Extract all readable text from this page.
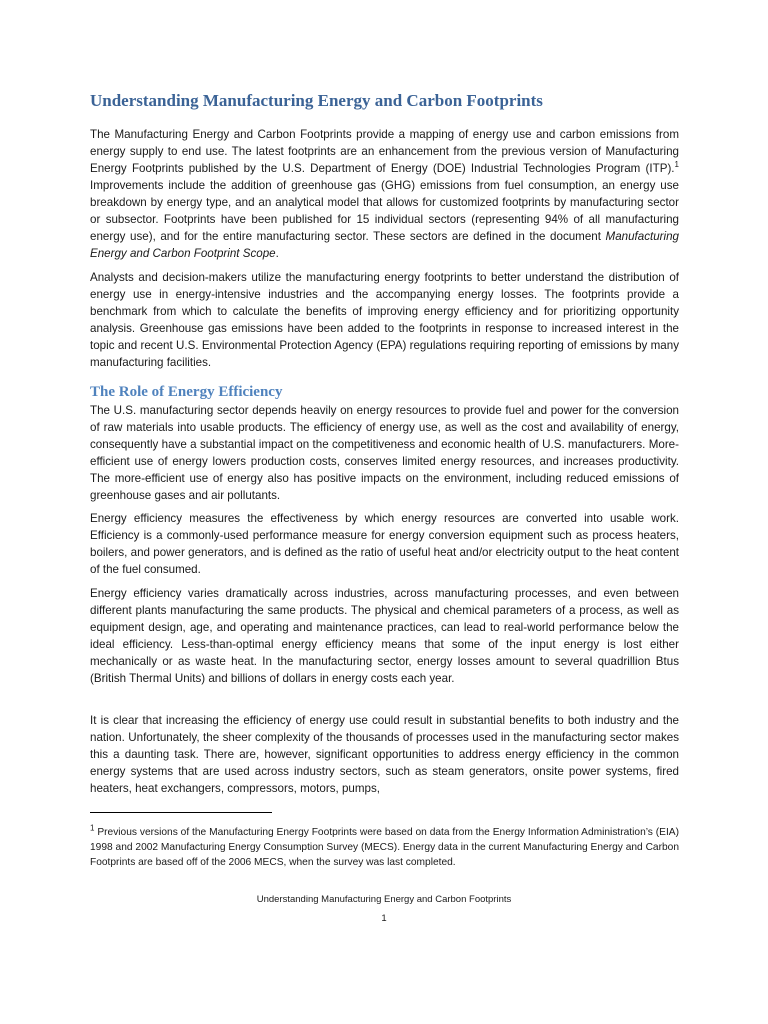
Understanding Manufacturing Energy and Carbon Footprints

The Manufacturing Energy and Carbon Footprints provide a mapping of energy use and carbon emissions from energy supply to end use. The latest footprints are an enhancement from the previous version of Manufacturing Energy Footprints published by the U.S. Department of Energy (DOE) Industrial Technologies Program (ITP).$^1$ Improvements include the addition of greenhouse gas (GHG) emissions from fuel consumption, an energy use breakdown by energy type, and an analytical model that allows for customized footprints by manufacturing sector or subsector. Footprints have been published for 15 individual sectors (representing 94% of all manufacturing energy use), and for the entire manufacturing sector. These sectors are defined in the document Manufacturing Energy and Carbon Footprint Scope.

Analysts and decision-makers utilize the manufacturing energy footprints to better understand the distribution of energy use in energy-intensive industries and the accompanying energy losses. The footprints provide a benchmark from which to calculate the benefits of improving energy efficiency and for prioritizing opportunity analysis. Greenhouse gas emissions have been added to the footprints in response to increased interest in the topic and recent U.S. Environmental Protection Agency (EPA) regulations requiring reporting of emissions by many manufacturing facilities.

The Role of Energy Efficiency

The U.S. manufacturing sector depends heavily on energy resources to provide fuel and power for the conversion of raw materials into usable products. The efficiency of energy use, as well as the cost and availability of energy, consequently have a substantial impact on the competitiveness and economic health of U.S. manufacturers. More-efficient use of energy lowers production costs, conserves limited energy resources, and increases productivity. The more-efficient use of energy also has positive impacts on the environment, including reduced emissions of greenhouse gases and air pollutants.

Energy efficiency measures the effectiveness by which energy resources are converted into usable work. Efficiency is a commonly-used performance measure for energy conversion equipment such as process heaters, boilers, and power generators, and is defined as the ratio of useful heat and/or electricity output to the heat content of the fuel consumed.

Energy efficiency varies dramatically across industries, across manufacturing processes, and even between different plants manufacturing the same products. The physical and chemical parameters of a process, as well as equipment design, age, and operating and maintenance practices, can lead to real-world performance below the ideal efficiency. Less-than-optimal energy efficiency means that some of the input energy is lost either mechanically or as waste heat. In the manufacturing sector, energy losses amount to several quadrillion Btus (British Thermal Units) and billions of dollars in energy costs each year.

It is clear that increasing the efficiency of energy use could result in substantial benefits to both industry and the nation. Unfortunately, the sheer complexity of the thousands of processes used in the manufacturing sector makes this a daunting task. There are, however, significant opportunities to address energy efficiency in the common energy systems that are used across industry sectors, such as steam generators, onsite power systems, fired heaters, heat exchangers, compressors, motors, pumps,

$^1$ Previous versions of the Manufacturing Energy Footprints were based on data from the Energy Information Administration’s (EIA) 1998 and 2002 Manufacturing Energy Consumption Survey (MECS). Energy data in the current Manufacturing Energy and Carbon Footprints are based off of the 2006 MECS, when the survey was last completed.

Understanding Manufacturing Energy and Carbon Footprints
1
